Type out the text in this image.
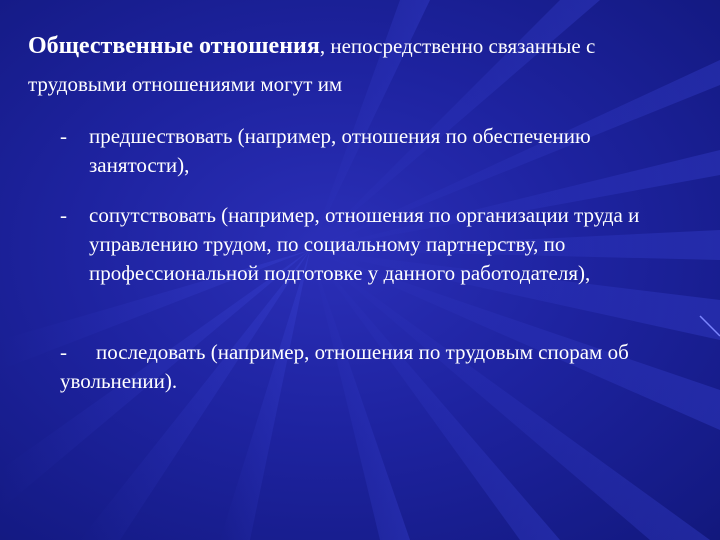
Общественные отношения, непосредственно связанные с трудовыми отношениями могут им

- предшествовать (например, отношения по обеспечению занятости),
- сопутствовать (например, отношения по организации труда и управлению трудом, по социальному партнерству, по профессиональной подготовке у данного работодателя),
-	последовать (например, отношения по трудовым спорам об увольнении).
